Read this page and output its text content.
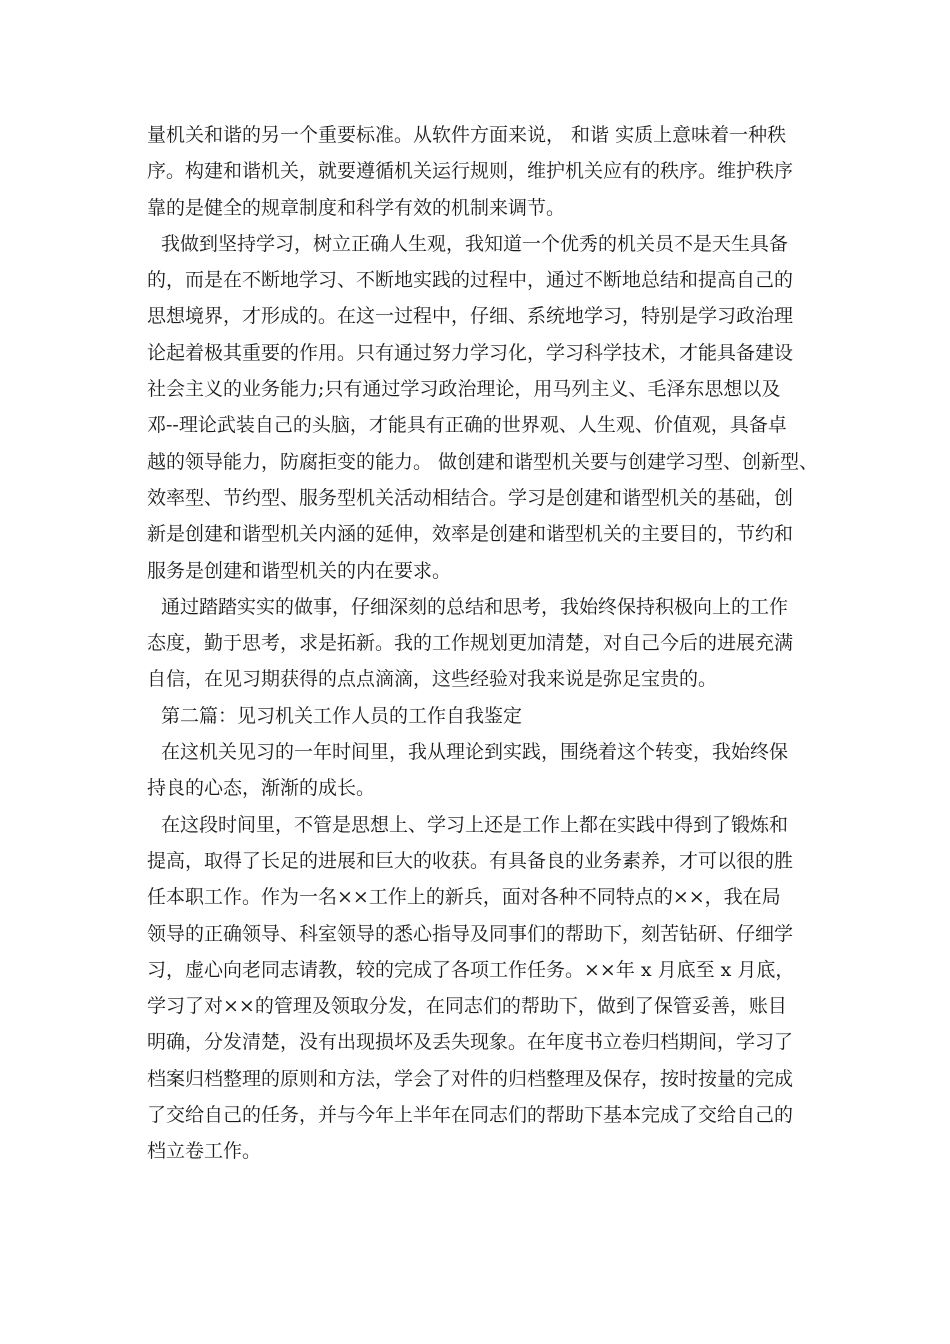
量机关和谐的另一个重要标准。从软件方面来说， 和谐 实质上意味着一种秩
序。构建和谐机关，就要遵循机关运行规则，维护机关应有的秩序。维护秩序
靠的是健全的规章制度和科学有效的机制来调节。
我做到坚持学习，树立正确人生观，我知道一个优秀的机关员不是天生具备
的，而是在不断地学习、不断地实践的过程中，通过不断地总结和提高自己的
思想境界，才形成的。在这一过程中，仔细、系统地学习，特别是学习政治理
论起着极其重要的作用。只有通过努力学习化，学习科学技术，才能具备建设
社会主义的业务能力;只有通过学习政治理论，用马列主义、毛泽东思想以及
邓--理论武装自己的头脑，才能具有正确的世界观、人生观、价值观，具备卓
越的领导能力，防腐拒变的能力。 做创建和谐型机关要与创建学习型、创新型、
效率型、节约型、服务型机关活动相结合。学习是创建和谐型机关的基础，创
新是创建和谐型机关内涵的延伸，效率是创建和谐型机关的主要目的，节约和
服务是创建和谐型机关的内在要求。
通过踏踏实实的做事，仔细深刻的总结和思考，我始终保持积极向上的工作
态度，勤于思考，求是拓新。我的工作规划更加清楚，对自己今后的进展充满
自信，在见习期获得的点点滴滴，这些经验对我来说是弥足宝贵的。
第二篇：见习机关工作人员的工作自我鉴定
在这机关见习的一年时间里，我从理论到实践，围绕着这个转变，我始终保
持良的心态，渐渐的成长。
在这段时间里，不管是思想上、学习上还是工作上都在实践中得到了锻炼和
提高，取得了长足的进展和巨大的收获。有具备良的业务素养，才可以很的胜
任本职工作。作为一名××工作上的新兵，面对各种不同特点的××，我在局
领导的正确领导、科室领导的悉心指导及同事们的帮助下，刻苦钻研、仔细学
习，虚心向老同志请教，较的完成了各项工作任务。××年 x 月底至 x 月底，
学习了对××的管理及领取分发，在同志们的帮助下，做到了保管妥善，账目
明确，分发清楚，没有出现损坏及丢失现象。在年度书立卷归档期间，学习了
档案归档整理的原则和方法，学会了对件的归档整理及保存，按时按量的完成
了交给自己的任务，并与今年上半年在同志们的帮助下基本完成了交给自己的
档立卷工作。
